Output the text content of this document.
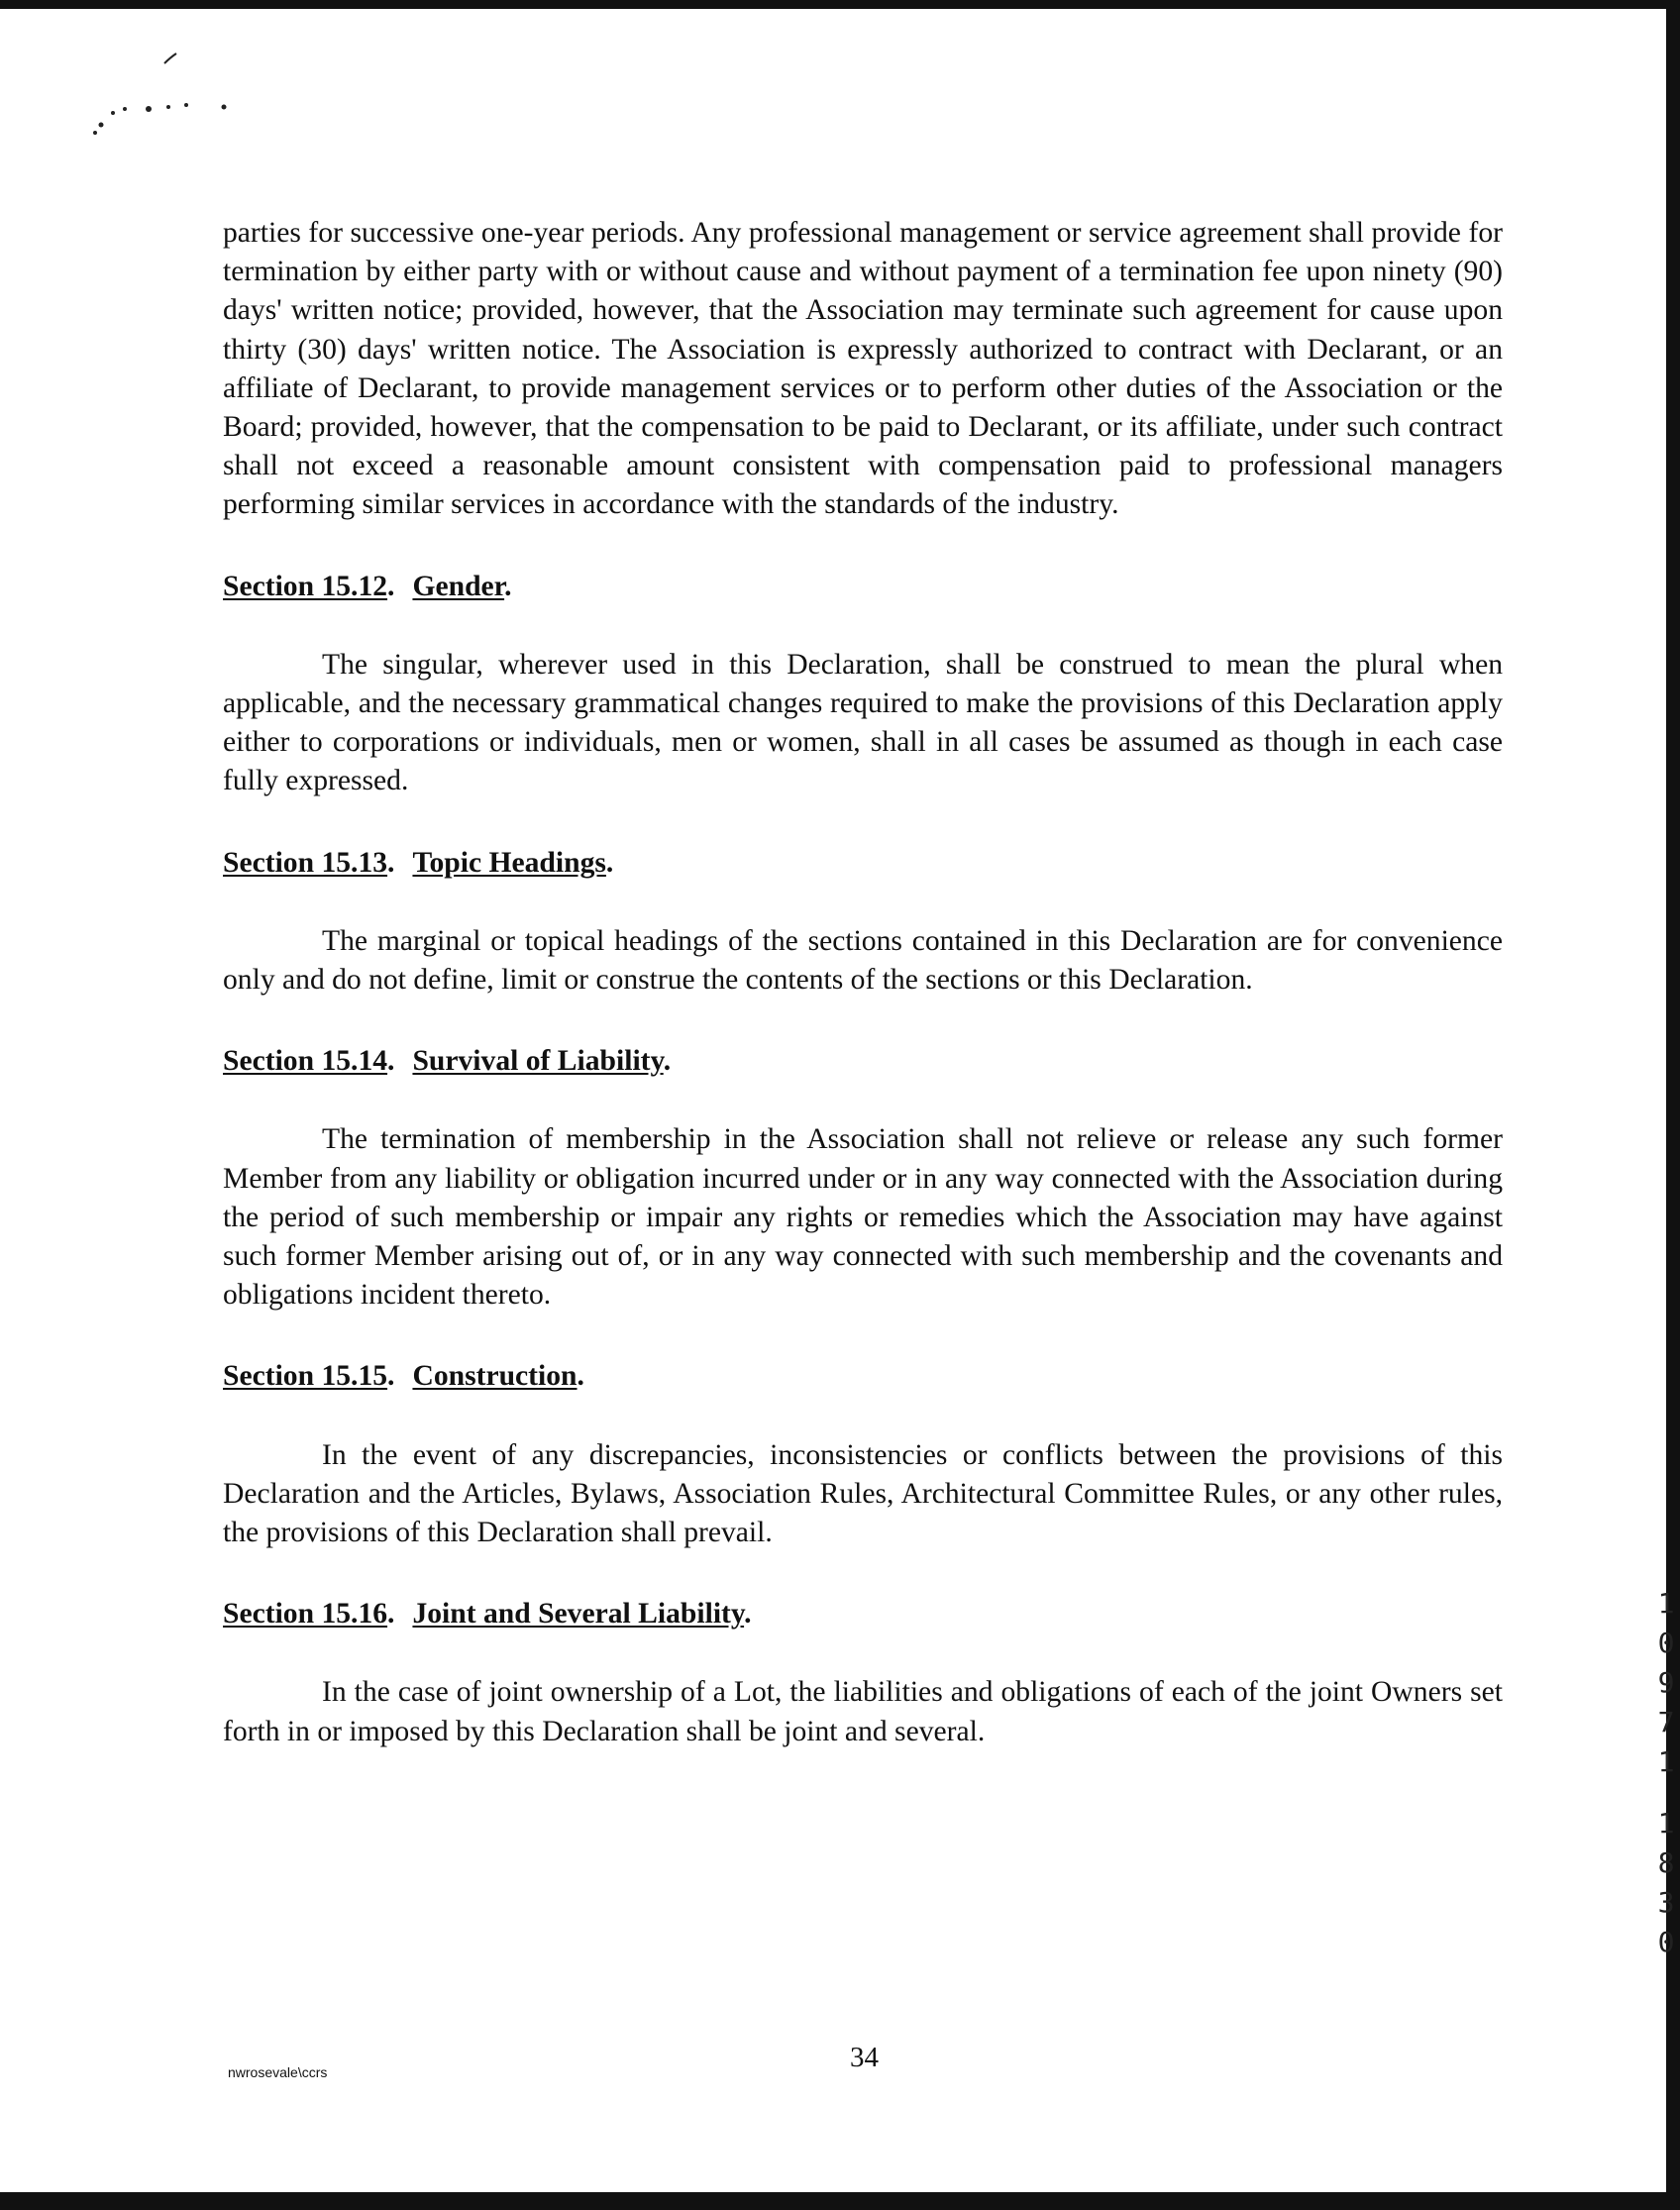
parties for successive one-year periods. Any professional management or service agreement shall provide for termination by either party with or without cause and without payment of a termination fee upon ninety (90) days' written notice; provided, however, that the Association may terminate such agreement for cause upon thirty (30) days' written notice. The Association is expressly authorized to contract with Declarant, or an affiliate of Declarant, to provide management services or to perform other duties of the Association or the Board; provided, however, that the compensation to be paid to Declarant, or its affiliate, under such contract shall not exceed a reasonable amount consistent with compensation paid to professional managers performing similar services in accordance with the standards of the industry.

Section 15.12. Gender.

The singular, wherever used in this Declaration, shall be construed to mean the plural when applicable, and the necessary grammatical changes required to make the provisions of this Declaration apply either to corporations or individuals, men or women, shall in all cases be assumed as though in each case fully expressed.

Section 15.13. Topic Headings.

The marginal or topical headings of the sections contained in this Declaration are for convenience only and do not define, limit or construe the contents of the sections or this Declaration.

Section 15.14. Survival of Liability.

The termination of membership in the Association shall not relieve or release any such former Member from any liability or obligation incurred under or in any way connected with the Association during the period of such membership or impair any rights or remedies which the Association may have against such former Member arising out of, or in any way connected with such membership and the covenants and obligations incident thereto.

Section 15.15. Construction.

In the event of any discrepancies, inconsistencies or conflicts between the provisions of this Declaration and the Articles, Bylaws, Association Rules, Architectural Committee Rules, or any other rules, the provisions of this Declaration shall prevail.

Section 15.16. Joint and Several Liability.

In the case of joint ownership of a Lot, the liabilities and obligations of each of the joint Owners set forth in or imposed by this Declaration shall be joint and several.

1
0
9
7
1
1
8
3
0
34
nwrosevale\ccrs
